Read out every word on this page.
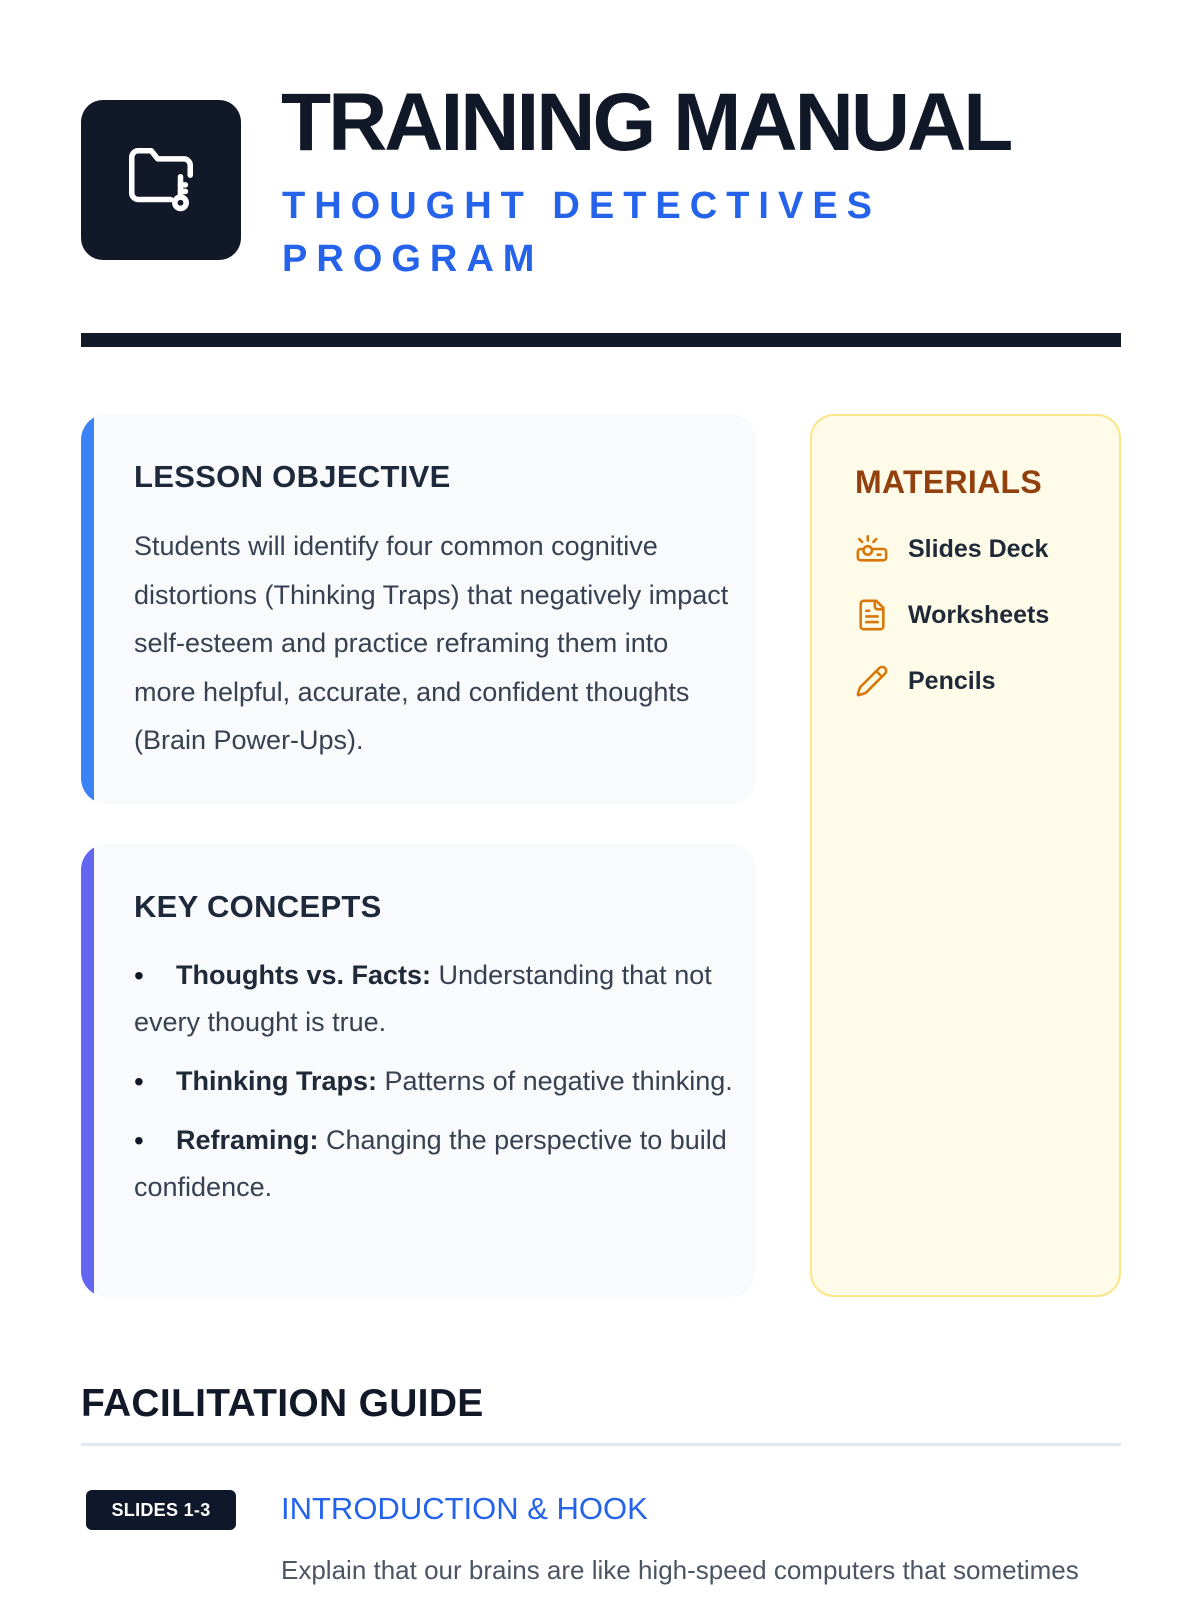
TRAINING MANUAL
THOUGHT DETECTIVES PROGRAM
LESSON OBJECTIVE

Students will identify four common cognitive distortions (Thinking Traps) that negatively impact self-esteem and practice reframing them into more helpful, accurate, and confident thoughts (Brain Power-Ups).

KEY CONCEPTS
• Thoughts vs. Facts: Understanding that not every thought is true.
• Thinking Traps: Patterns of negative thinking.
• Reframing: Changing the perspective to build confidence.
MATERIALS
Slides Deck
Worksheets
Pencils
FACILITATION GUIDE
SLIDES 1-3	INTRODUCTION & HOOK
Explain that our brains are like high-speed computers that sometimes
